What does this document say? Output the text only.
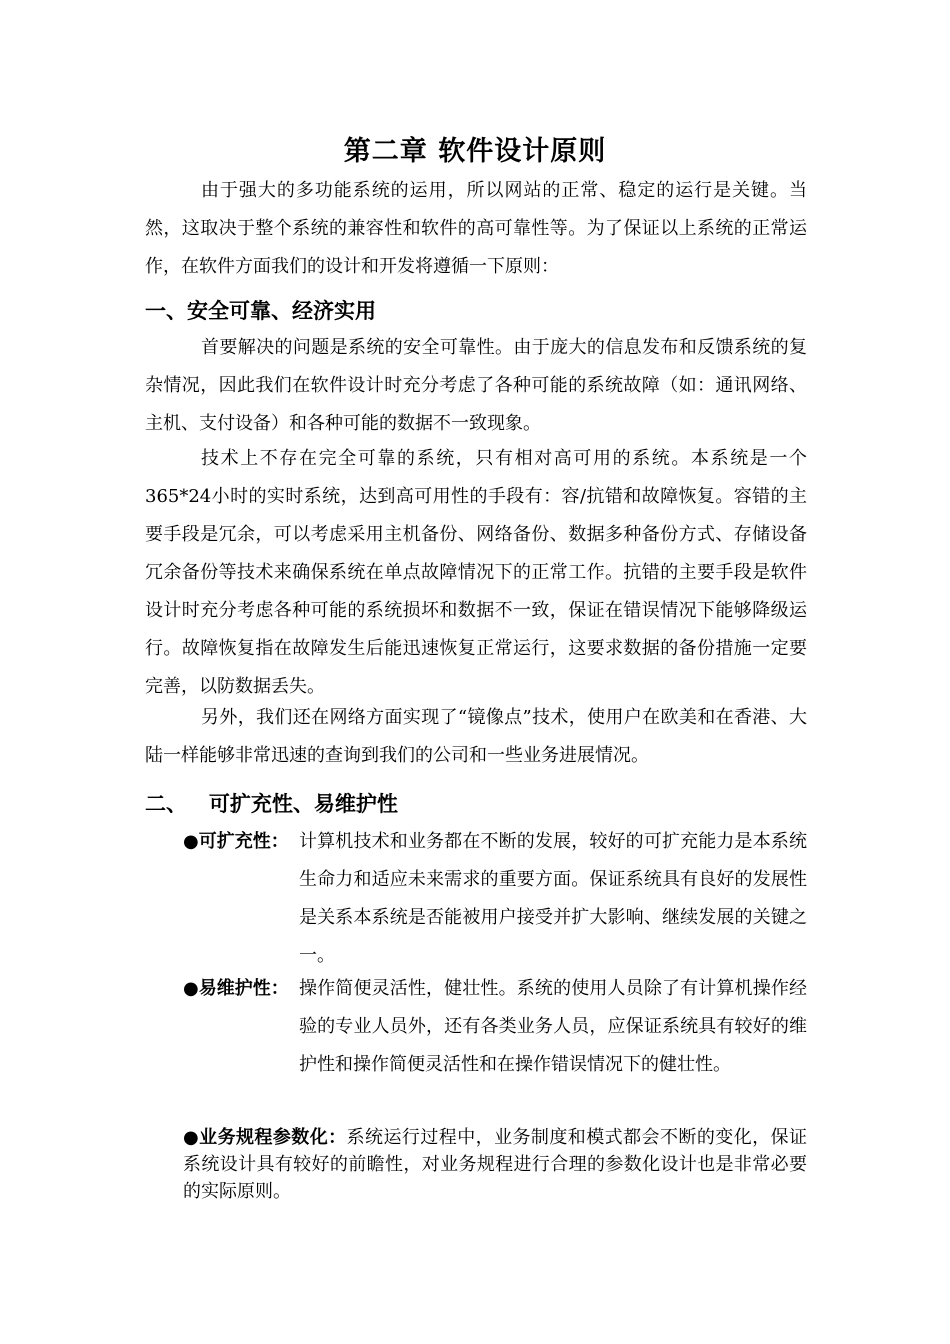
第二章 软件设计原则

由于强大的多功能系统的运用，所以网站的正常、稳定的运行是关键。当然，这取决于整个系统的兼容性和软件的高可靠性等。为了保证以上系统的正常运作，在软件方面我们的设计和开发将遵循一下原则：

一、安全可靠、经济实用

首要解决的问题是系统的安全可靠性。由于庞大的信息发布和反馈系统的复杂情况，因此我们在软件设计时充分考虑了各种可能的系统故障（如：通讯网络、主机、支付设备）和各种可能的数据不一致现象。

技术上不存在完全可靠的系统，只有相对高可用的系统。本系统是一个365*24小时的实时系统，达到高可用性的手段有：容/抗错和故障恢复。容错的主要手段是冗余，可以考虑采用主机备份、网络备份、数据多种备份方式、存储设备冗余备份等技术来确保系统在单点故障情况下的正常工作。抗错的主要手段是软件设计时充分考虑各种可能的系统损坏和数据不一致，保证在错误情况下能够降级运行。故障恢复指在故障发生后能迅速恢复正常运行，这要求数据的备份措施一定要完善，以防数据丢失。

另外，我们还在网络方面实现了“镜像点”技术，使用户在欧美和在香港、大陆一样能够非常迅速的查询到我们的公司和一些业务进展情况。

二、   可扩充性、易维护性
●可扩充性： 计算机技术和业务都在不断的发展，较好的可扩充能力是本系统生命力和适应未来需求的重要方面。保证系统具有良好的发展性是关系本系统是否能被用户接受并扩大影响、继续发展的关键之一。
●易维护性： 操作简便灵活性，健壮性。系统的使用人员除了有计算机操作经验的专业人员外，还有各类业务人员，应保证系统具有较好的维护性和操作简便灵活性和在操作错误情况下的健壮性。

●业务规程参数化：系统运行过程中，业务制度和模式都会不断的变化，保证系统设计具有较好的前瞻性，对业务规程进行合理的参数化设计也是非常必要的实际原则。
